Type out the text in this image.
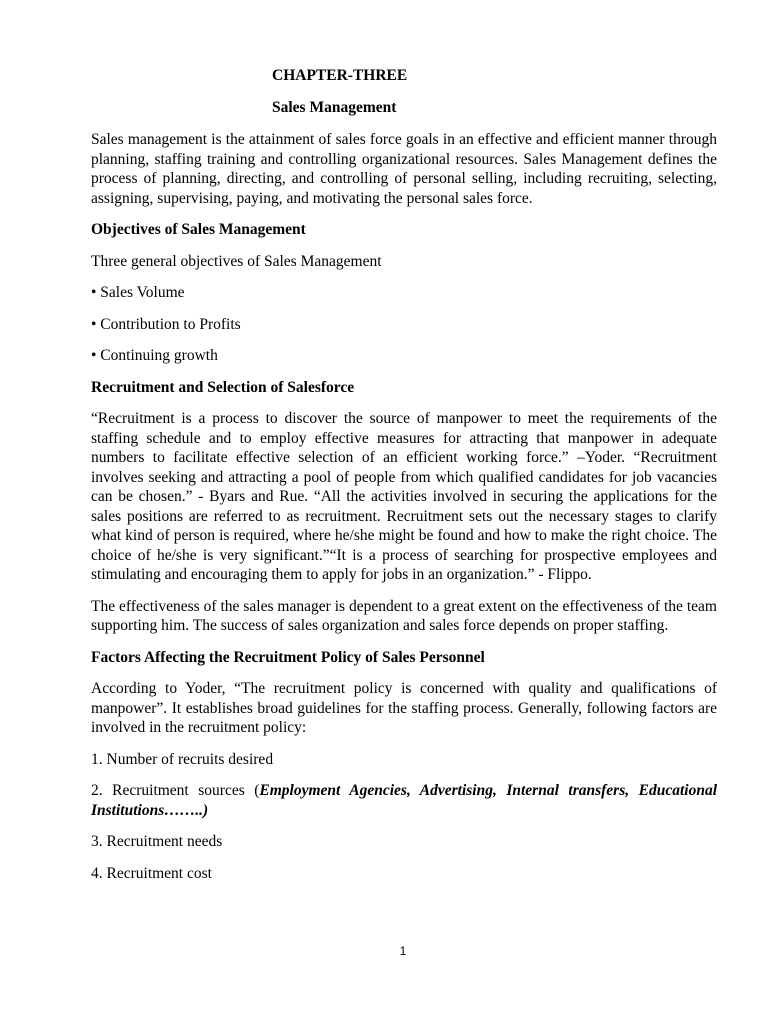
CHAPTER-THREE
Sales Management

Sales management is the attainment of sales force goals in an effective and efficient manner through planning, staffing training and controlling organizational resources. Sales Management defines the process of planning, directing, and controlling of personal selling, including recruiting, selecting, assigning, supervising, paying, and motivating the personal sales force.

Objectives of Sales Management

Three general objectives of Sales Management

• Sales Volume

• Contribution to Profits

• Continuing growth

Recruitment and Selection of Salesforce

“Recruitment is a process to discover the source of manpower to meet the requirements of the staffing schedule and to employ effective measures for attracting that manpower in adequate numbers to facilitate effective selection of an efficient working force.” –Yoder. “Recruitment involves seeking and attracting a pool of people from which qualified candidates for job vacancies can be chosen.” - Byars and Rue. “All the activities involved in securing the applications for the sales positions are referred to as recruitment. Recruitment sets out the necessary stages to clarify what kind of person is required, where he/she might be found and how to make the right choice. The choice of he/she is very significant.”“It is a process of searching for prospective employees and stimulating and encouraging them to apply for jobs in an organization.” - Flippo.

The effectiveness of the sales manager is dependent to a great extent on the effectiveness of the team supporting him. The success of sales organization and sales force depends on proper staffing.

Factors Affecting the Recruitment Policy of Sales Personnel

According to Yoder, “The recruitment policy is concerned with quality and qualifications of manpower”. It establishes broad guidelines for the staffing process. Generally, following factors are involved in the recruitment policy:

1. Number of recruits desired

2. Recruitment sources (Employment Agencies, Advertising, Internal transfers, Educational Institutions……..)

3. Recruitment needs

4. Recruitment cost

1
